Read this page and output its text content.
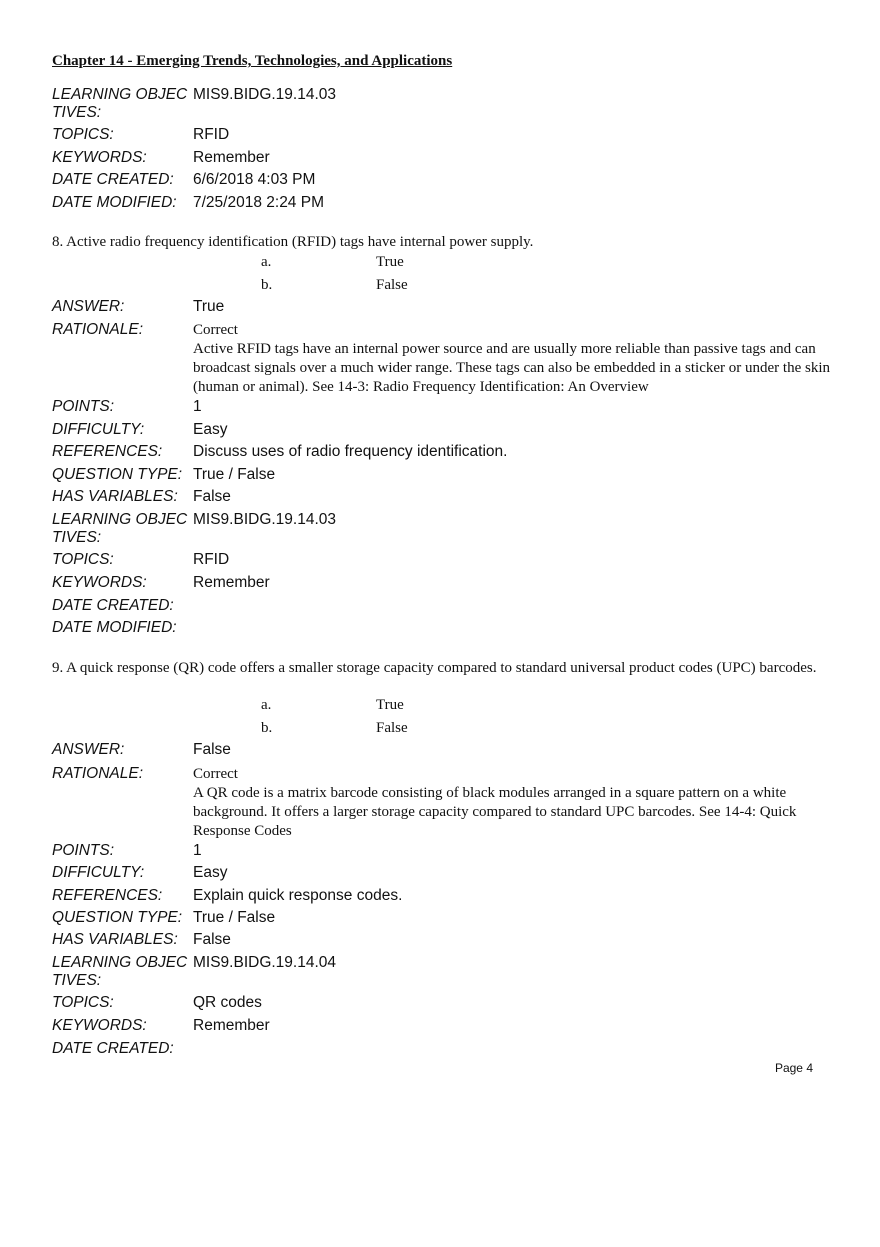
Chapter 14 - Emerging Trends, Technologies, and Applications
LEARNING OBJEC
TIVES:
MIS9.BIDG.19.14.03
TOPICS:	RFID
KEYWORDS:	Remember
DATE CREATED: 6/6/2018 4:03 PM
DATE MODIFIED: 7/25/2018 2:24 PM
8. Active radio frequency identification (RFID) tags have internal power supply.
a.	True
b.	False
ANSWER:	True
RATIONALE:	Correct
Active RFID tags have an internal power source and are usually more reliable than passive tags and can broadcast signals over a much wider range. These tags can also be embedded in a sticker or under the skin (human or animal). See 14-3: Radio Frequency Identification: An Overview
POINTS:	1
DIFFICULTY:	Easy
REFERENCES: Discuss uses of radio frequency identification.
QUESTION TYPE: True / False
HAS VARIABLES: False
LEARNING OBJEC
TIVES:
MIS9.BIDG.19.14.03
TOPICS:	RFID
KEYWORDS:	Remember
DATE CREATED:
DATE MODIFIED:
9. A quick response (QR) code offers a smaller storage capacity compared to standard universal product codes (UPC) barcodes.
a.	True
b.	False
ANSWER:	False
RATIONALE:	Correct
A QR code is a matrix barcode consisting of black modules arranged in a square pattern on a white background. It offers a larger storage capacity compared to standard UPC barcodes. See 14-4: Quick Response Codes
POINTS:	1
DIFFICULTY:	Easy
REFERENCES: Explain quick response codes.
QUESTION TYPE: True / False
HAS VARIABLES: False
LEARNING OBJEC
TIVES:
MIS9.BIDG.19.14.04
TOPICS:	QR codes
KEYWORDS:	Remember
DATE CREATED:
Page 4
